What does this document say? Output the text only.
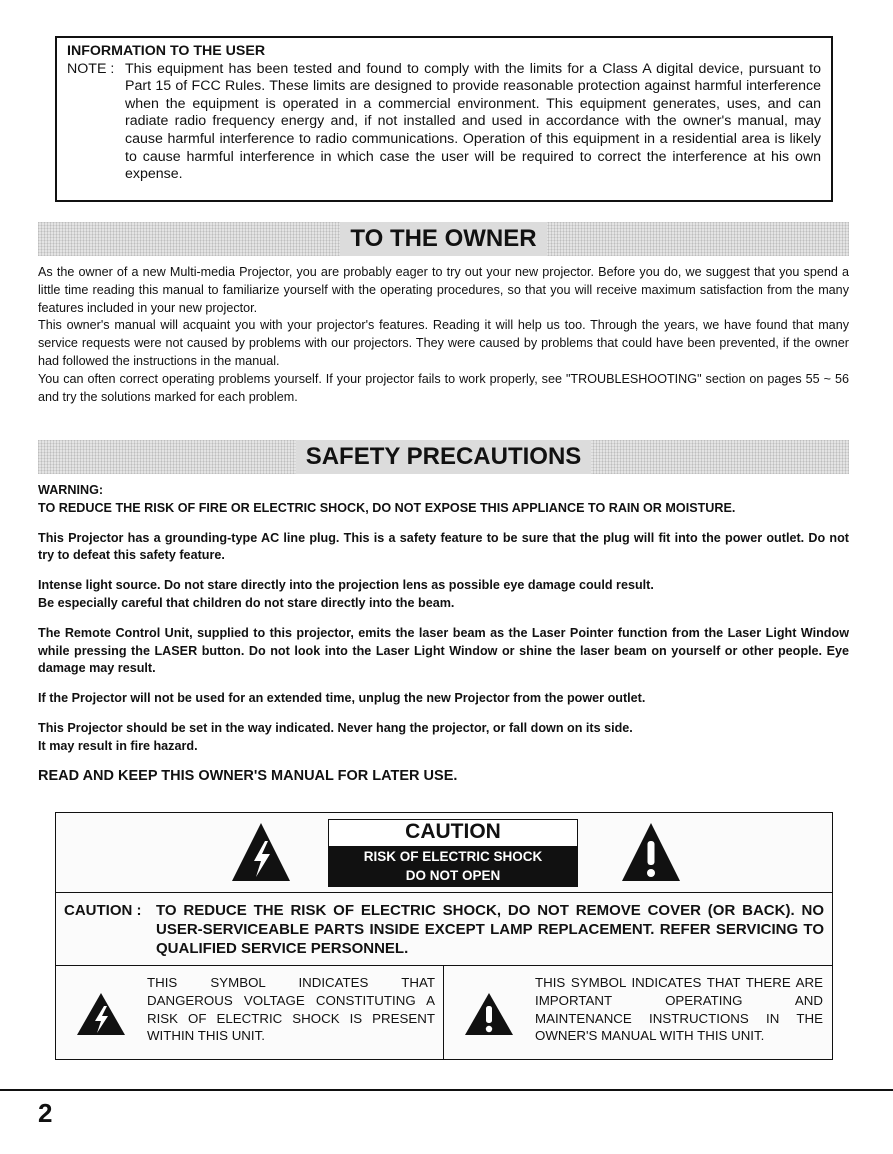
INFORMATION TO THE USER
NOTE : This equipment has been tested and found to comply with the limits for a Class A digital device, pursuant to Part 15 of FCC Rules. These limits are designed to provide reasonable protection against harmful interference when the equipment is operated in a commercial environment. This equipment generates, uses, and can radiate radio frequency energy and, if not installed and used in accordance with the owner's manual, may cause harmful interference to radio communications. Operation of this equipment in a residential area is likely to cause harmful interference in which case the user will be required to correct the interference at his own expense.
TO THE OWNER

As the owner of a new Multi-media Projector, you are probably eager to try out your new projector. Before you do, we suggest that you spend a little time reading this manual to familiarize yourself with the operating procedures, so that you will receive maximum satisfaction from the many features included in your new projector.

This owner's manual will acquaint you with your projector's features. Reading it will help us too. Through the years, we have found that many service requests were not caused by problems with our projectors. They were caused by problems that could have been prevented, if the owner had followed the instructions in the manual.

You can often correct operating problems yourself. If your projector fails to work properly, see "TROUBLESHOOTING" section on pages 55 ~ 56 and try the solutions marked for each problem.

SAFETY PRECAUTIONS

WARNING:

TO REDUCE THE RISK OF FIRE OR ELECTRIC SHOCK, DO NOT EXPOSE THIS APPLIANCE TO RAIN OR MOISTURE.

This Projector has a grounding-type AC line plug. This is a safety feature to be sure that the plug will fit into the power outlet. Do not try to defeat this safety feature.

Intense light source. Do not stare directly into the projection lens as possible eye damage could result.
Be especially careful that children do not stare directly into the beam.

The Remote Control Unit, supplied to this projector, emits the laser beam as the Laser Pointer function from the Laser Light Window while pressing the LASER button. Do not look into the Laser Light Window or shine the laser beam on yourself or other people. Eye damage may result.

If the Projector will not be used for an extended time, unplug the new Projector from the power outlet.

This Projector should be set in the way indicated. Never hang the projector, or fall down on its side.
It may result in fire hazard.

READ AND KEEP THIS OWNER'S MANUAL FOR LATER USE.

CAUTION
RISK OF ELECTRIC SHOCK
DO NOT OPEN
CAUTION : TO REDUCE THE RISK OF ELECTRIC SHOCK, DO NOT REMOVE COVER (OR BACK). NO USER-SERVICEABLE PARTS INSIDE EXCEPT LAMP REPLACEMENT. REFER SERVICING TO QUALIFIED SERVICE PERSONNEL.
THIS SYMBOL INDICATES THAT DANGEROUS VOLTAGE CONSTITUTING A RISK OF ELECTRIC SHOCK IS PRESENT WITHIN THIS UNIT.
THIS SYMBOL INDICATES THAT THERE ARE IMPORTANT OPERATING AND MAINTENANCE INSTRUCTIONS IN THE OWNER'S MANUAL WITH THIS UNIT.
2
